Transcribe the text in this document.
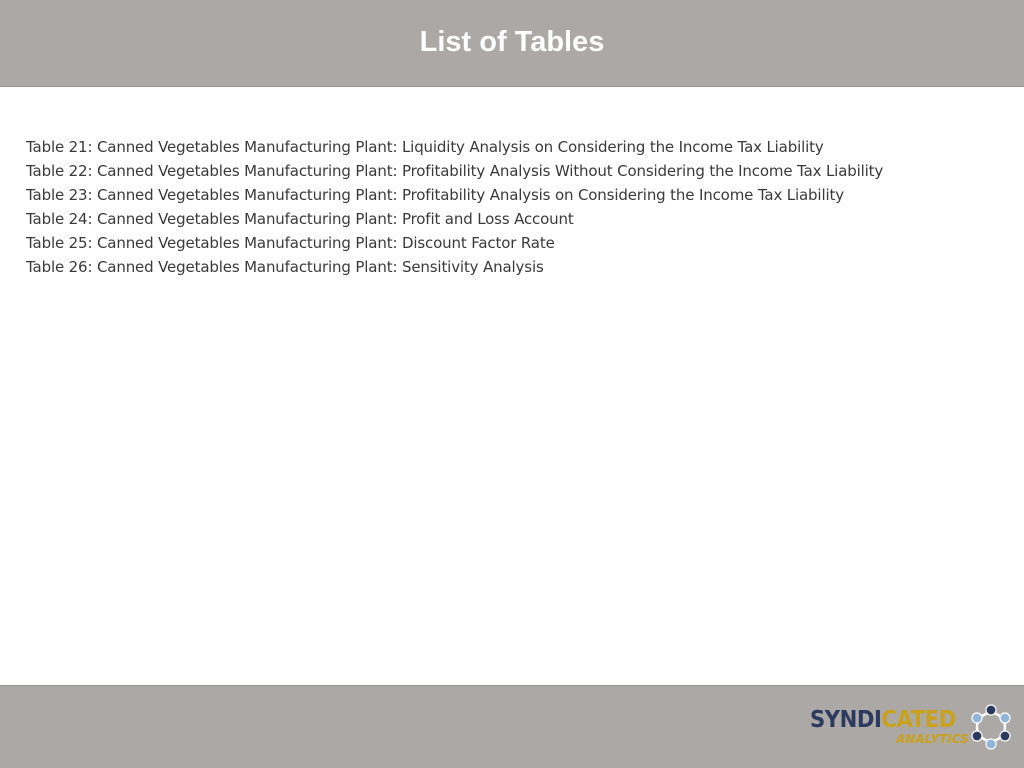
List of Tables
Table 21: Canned Vegetables Manufacturing Plant: Liquidity Analysis on Considering the Income Tax Liability
Table 22: Canned Vegetables Manufacturing Plant: Profitability Analysis Without Considering the Income Tax Liability
Table 23: Canned Vegetables Manufacturing Plant: Profitability Analysis on Considering the Income Tax Liability
Table 24: Canned Vegetables Manufacturing Plant: Profit and Loss Account
Table 25: Canned Vegetables Manufacturing Plant: Discount Factor Rate
Table 26: Canned Vegetables Manufacturing Plant: Sensitivity Analysis
SYNDICATED
ANALYTICS
